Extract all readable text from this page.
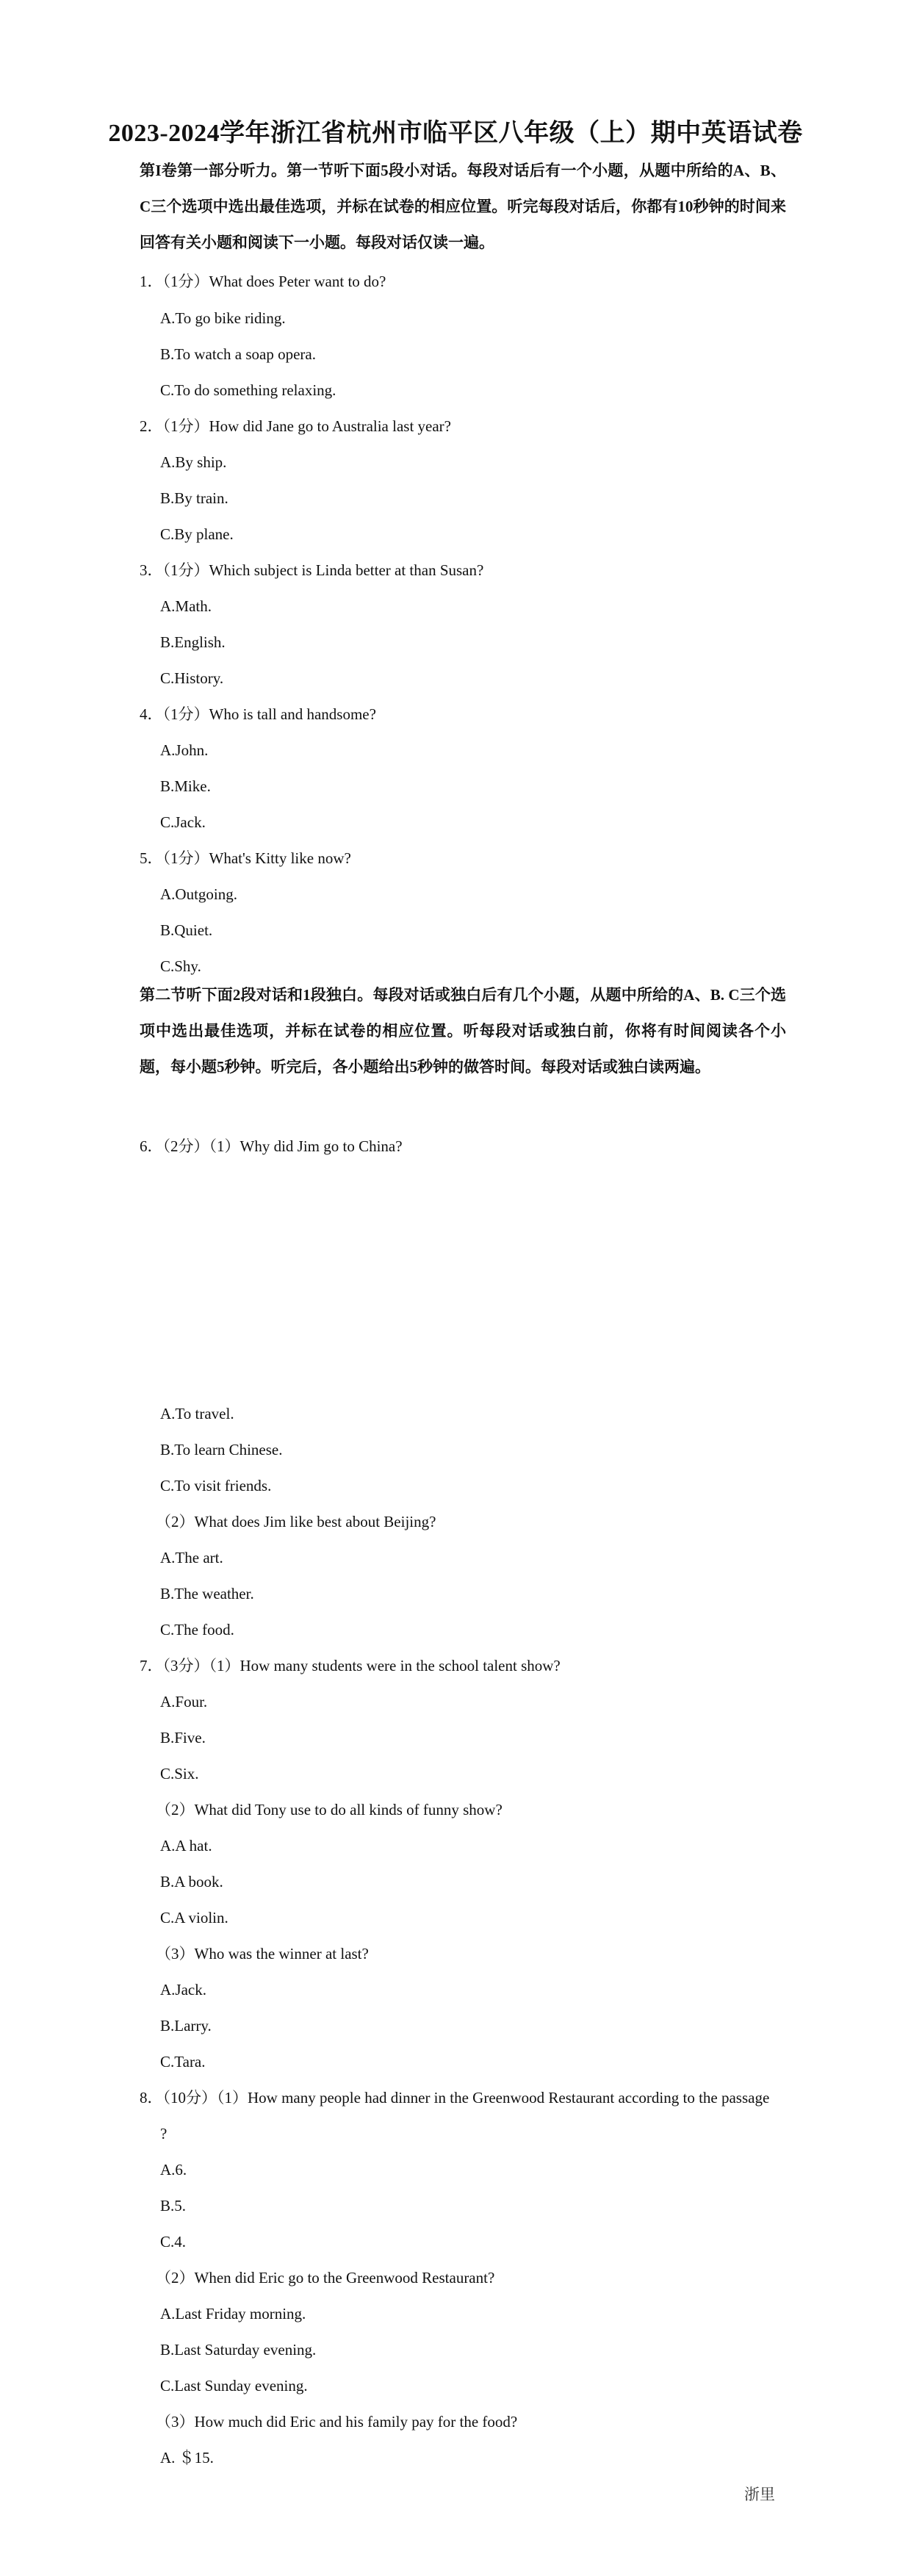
2023-2024学年浙江省杭州市临平区八年级（上）期中英语试卷
第I卷第一部分听力。第一节听下面5段小对话。每段对话后有一个小题，从题中所给的A、B、C三个选项中选出最佳选项，并标在试卷的相应位置。听完每段对话后，你都有10秒钟的时间来回答有关小题和阅读下一小题。每段对话仅读一遍。
1．（1分）What does Peter want to do?
A.To go bike riding.
B.To watch a soap opera.
C.To do something relaxing.
2．（1分）How did Jane go to Australia last year?
A.By ship.
B.By train.
C.By plane.
3．（1分）Which subject is Linda better at than Susan?
A.Math.
B.English.
C.History.
4．（1分）Who is tall and handsome?
A.John.
B.Mike.
C.Jack.
5．（1分）What's Kitty like now?
A.Outgoing.
B.Quiet.
C.Shy.
第二节听下面2段对话和1段独白。每段对话或独白后有几个小题，从题中所给的A、B. C三个选项中选出最佳选项，并标在试卷的相应位置。听每段对话或独白前，你将有时间阅读各个小题，每小题5秒钟。听完后，各小题给出5秒钟的做答时间。每段对话或独白读两遍。
6．（2分）（1）Why did Jim go to China?
A.To travel.
B.To learn Chinese.
C.To visit friends.
（2）What does Jim like best about Beijing?
A.The art.
B.The weather.
C.The food.
7．（3分）（1）How many students were in the school talent show?
A.Four.
B.Five.
C.Six.
（2）What did Tony use to do all kinds of funny show?
A.A hat.
B.A book.
C.A violin.
（3）Who was the winner at last?
A.Jack.
B.Larry.
C.Tara.
8．（10分）（1）How many people had dinner in the Greenwood Restaurant according to the passage
?
A.6.
B.5.
C.4.
（2）When did Eric go to the Greenwood Restaurant?
A.Last Friday morning.
B.Last Saturday evening.
C.Last Sunday evening.
（3）How much did Eric and his family pay for the food?
A. ＄15.
浙里
